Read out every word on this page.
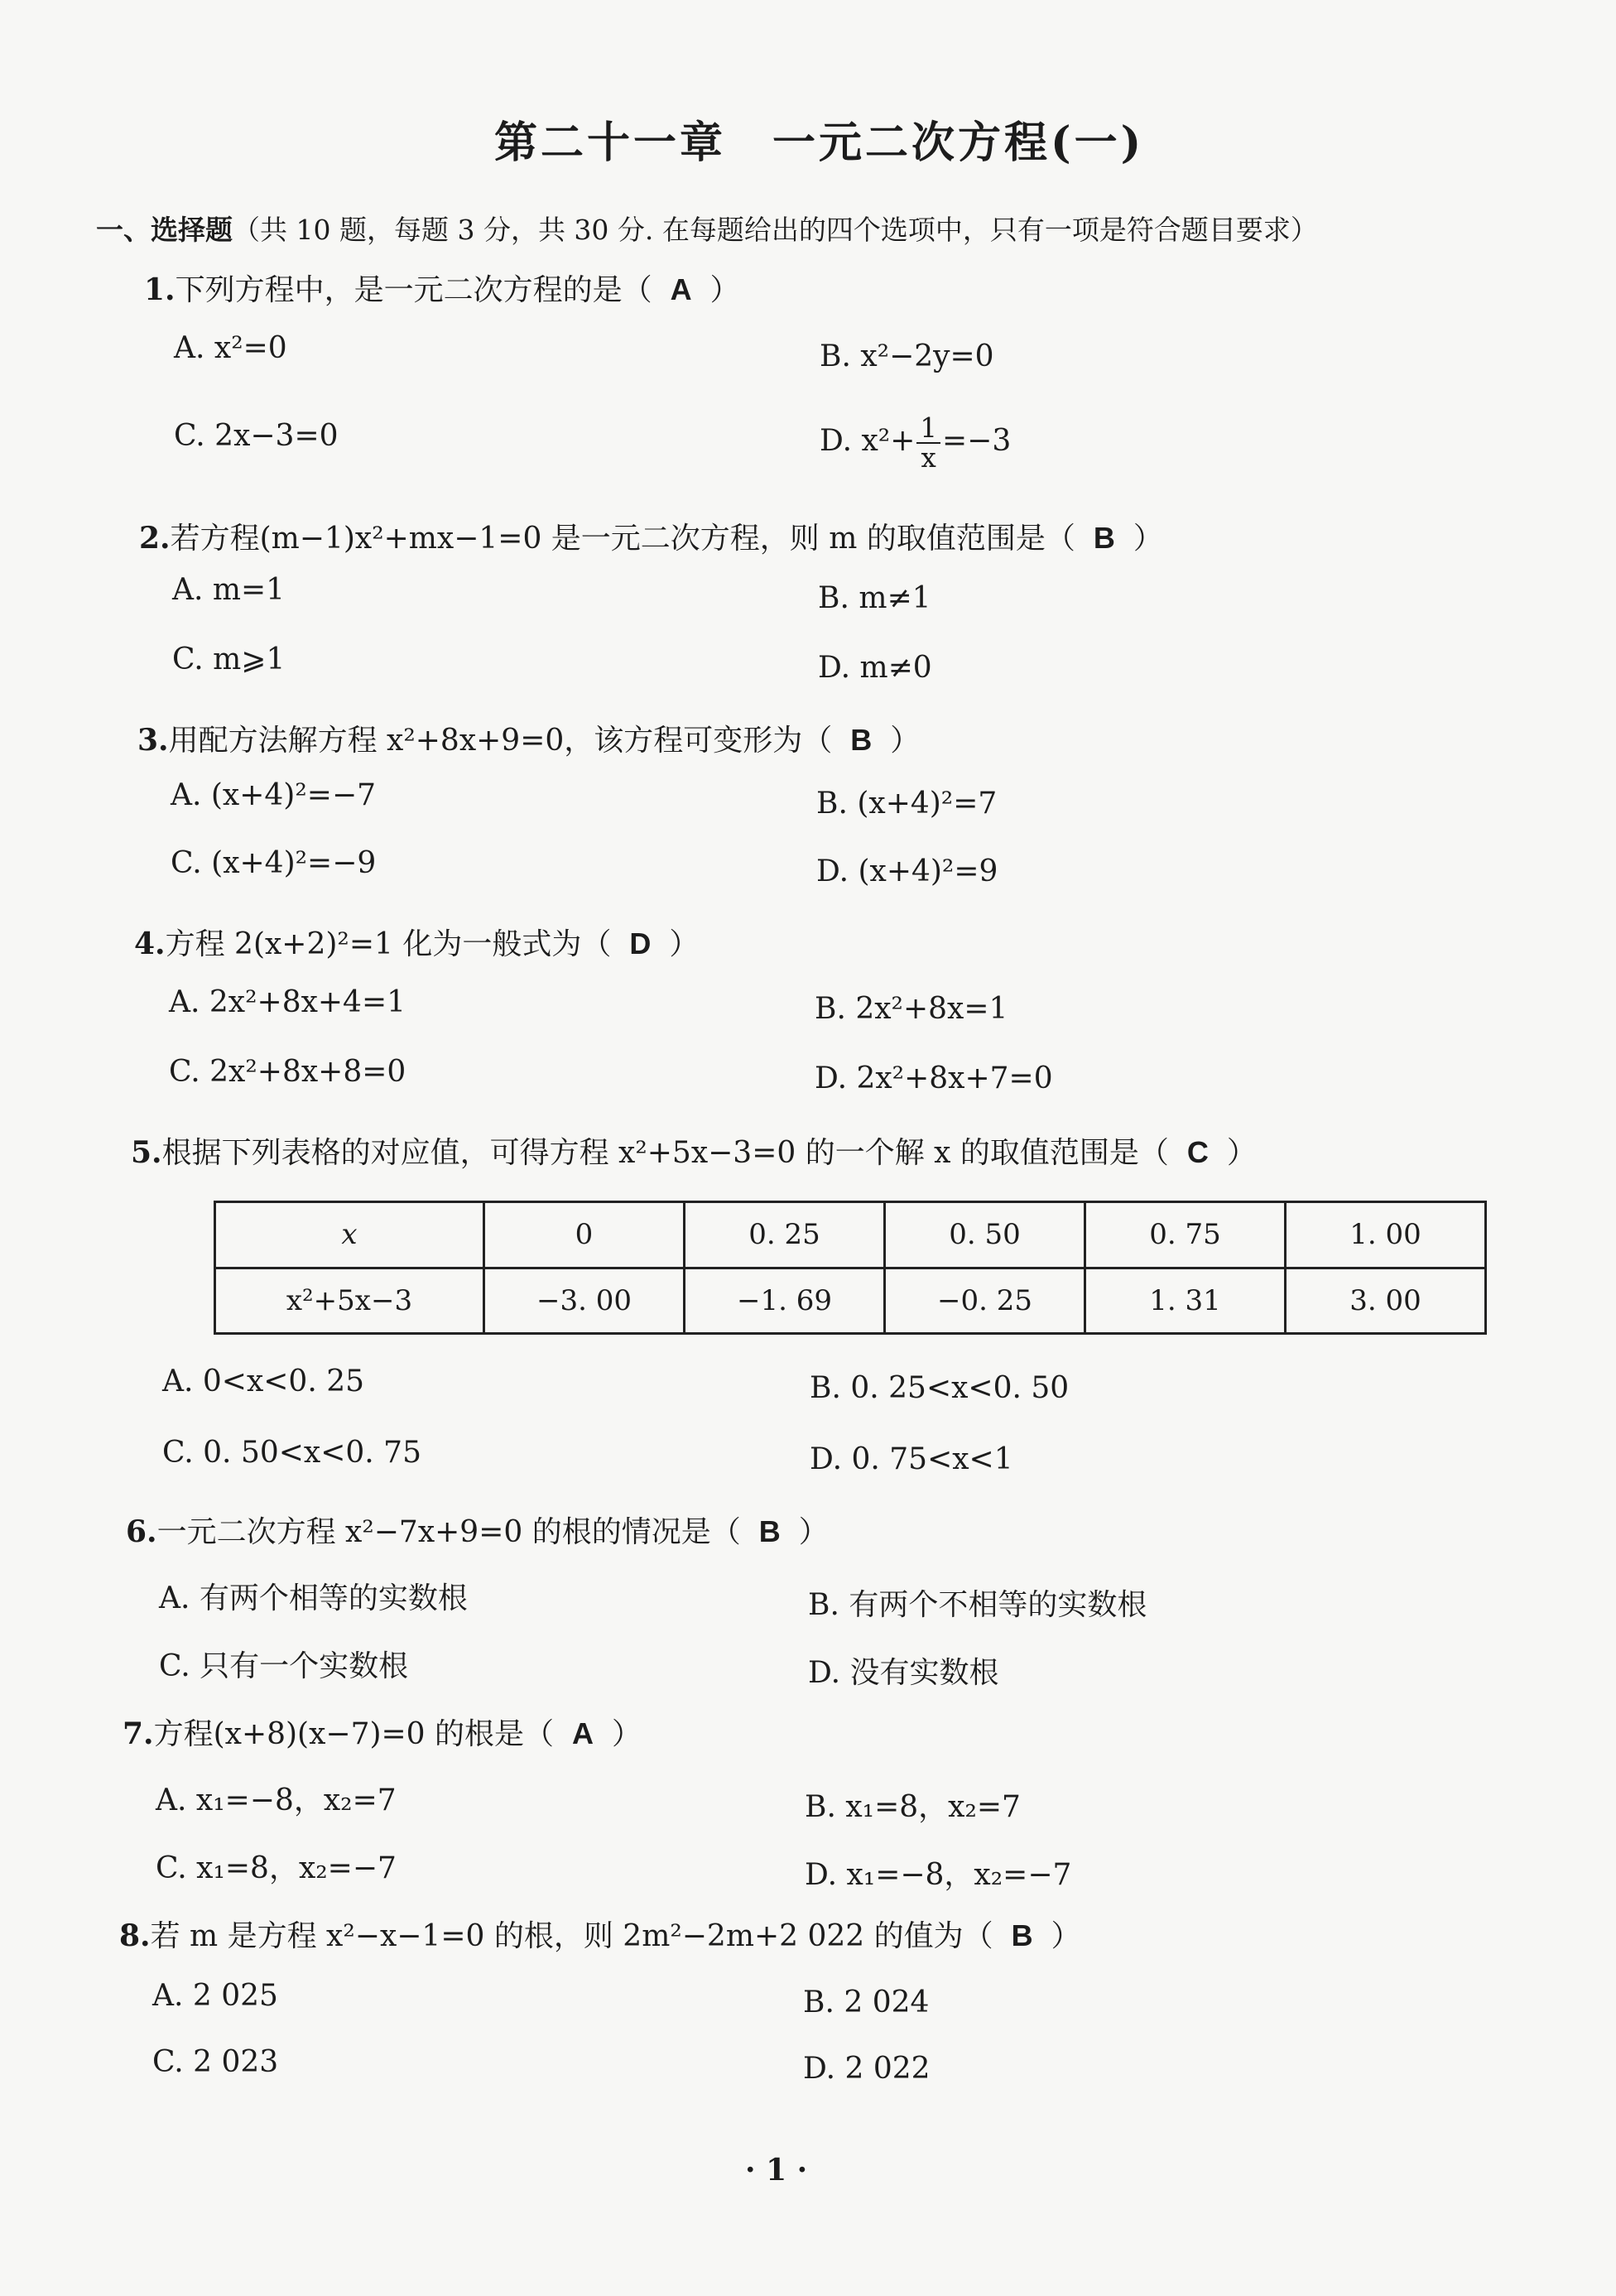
第二十一章　一元二次方程(一)
一、选择题（共 10 题，每题 3 分，共 30 分. 在每题给出的四个选项中，只有一项是符合题目要求）
1.下列方程中，是一元二次方程的是（ A ）
A. x²=0	B. x²−2y=0
C. 2x−3=0	D. $x^2+ \frac{1}{x} =-3$
2.若方程(m−1)x²+mx−1=0 是一元二次方程，则 m 的取值范围是（ B ）
A. m=1	B. m≠1
C. m⩾1	D. m≠0
3.用配方法解方程 x²+8x+9=0，该方程可变形为（ B ）
A. (x+4)²=−7	B. (x+4)²=7
C. (x+4)²=−9	D. (x+4)²=9
4.方程 2(x+2)²=1 化为一般式为（ D ）
A. 2x²+8x+4=1	B. 2x²+8x=1
C. 2x²+8x+8=0	D. 2x²+8x+7=0
5.根据下列表格的对应值，可得方程 x²+5x−3=0 的一个解 x 的取值范围是（ C ）
x	0	0. 25	0. 50	0. 75	1. 00
x²+5x−3	−3. 00	−1. 69	−0. 25	1. 31	3. 00
A. 0<x<0. 25	B. 0. 25<x<0. 50
C. 0. 50<x<0. 75	D. 0. 75<x<1
6.一元二次方程 x²−7x+9=0 的根的情况是（ B ）
A. 有两个相等的实数根	B. 有两个不相等的实数根
C. 只有一个实数根	D. 没有实数根
7.方程(x+8)(x−7)=0 的根是（ A ）
A. x₁=−8，x₂=7	B. x₁=8，x₂=7
C. x₁=8，x₂=−7	D. x₁=−8，x₂=−7
8.若 m 是方程 x²−x−1=0 的根，则 2m²−2m+2 022 的值为（ B ）
A. 2 025	B. 2 024
C. 2 023	D. 2 022
· 1 ·
